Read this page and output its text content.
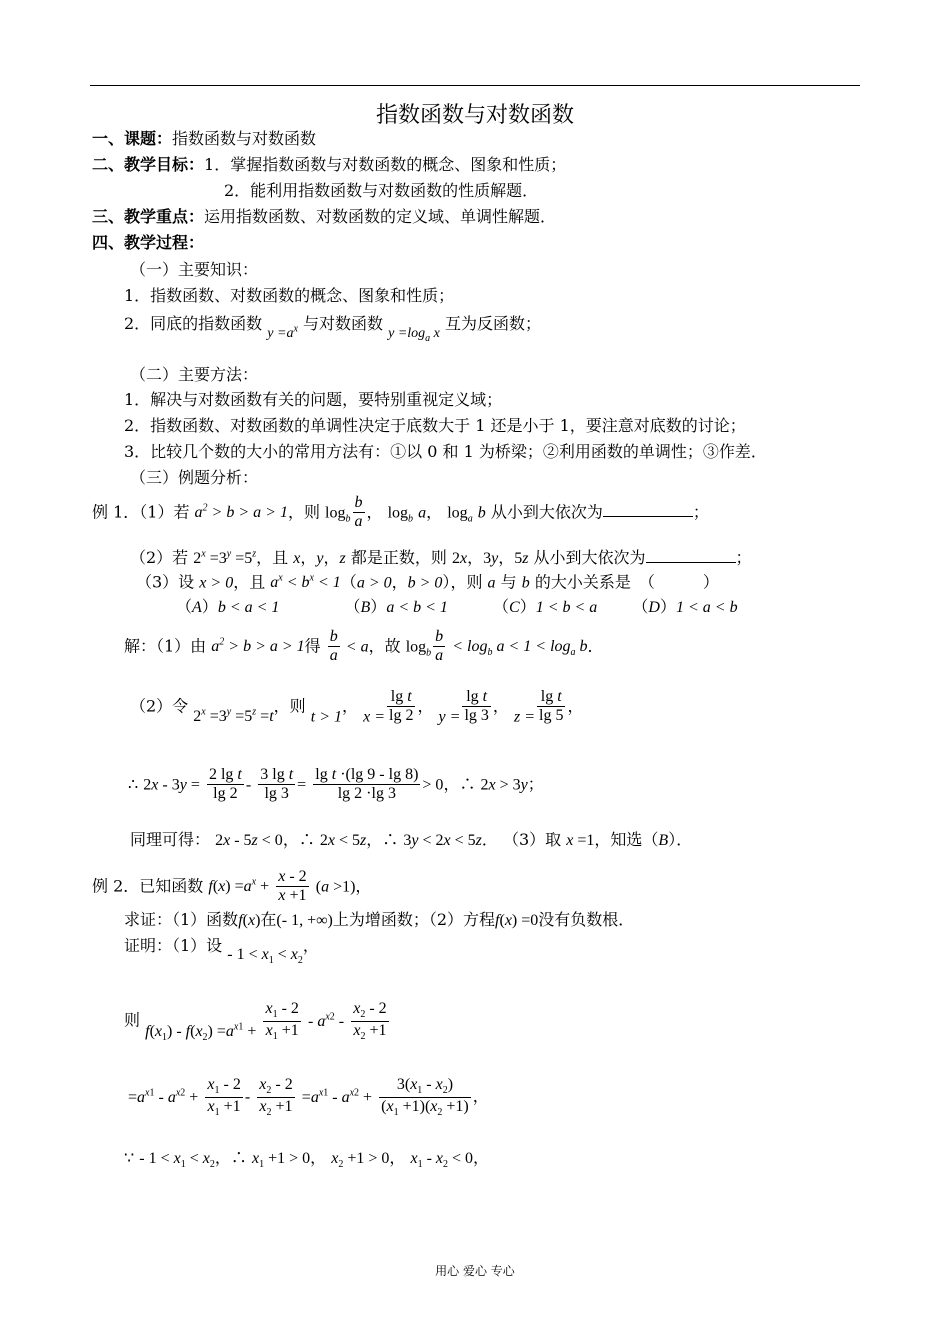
指数函数与对数函数
一、课题：指数函数与对数函数
二、教学目标：1．掌握指数函数与对数函数的概念、图象和性质；
2．能利用指数函数与对数函数的性质解题．
三、教学重点：运用指数函数、对数函数的定义域、单调性解题．
四、教学过程：
（一）主要知识：
1．指数函数、对数函数的概念、图象和性质；
2．同底的指数函数 $y =a^x$ 与对数函数 $y =\log_a$ x 互为反函数；
（二）主要方法：
1．解决与对数函数有关的问题，要特别重视定义域；
2．指数函数、对数函数的单调性决定于底数大于 1 还是小于 1，要注意对底数的讨论；
3．比较几个数的大小的常用方法有：①以 0 和 1 为桥梁；②利用函数的单调性；③作差．
（三）例题分析：
例 1．（1）若 $a^2 > b > a > 1$，则 $\log_b \frac{b}{a}$ ， $\log_b a$， $\log_a b$ 从小到大依次为	；
（2）若 $2^x =3^y =5^z$，且 x，y，z 都是正数，则 2x，3y，5z 从小到大依次为	；
（3）设 x > 0，且 $a^x < b^x < 1(a > 0$，b > 0），则 a 与 b 的大小关系是　（　　　）
（A）b < a < 1	（B）a < b < 1	（C）1 < b < a （D）1 < a < b
解：（1）由 $a^2 > b > a > 1$得 $\frac{b}{a} < a$，故 $\log_b \frac{b}{a} < \log_b a < 1 < \log_a b$．
（2）令 $2^x =3^y =5^z =t$，则 t > 1， $x = \frac{\text{lg t}}{\lg 2}$ ， $y = \frac{\text{lg t}}{\lg 3}$ ， $z = \frac{\text{lg t}}{\lg 5}$ ，
∴ $2x - 3y = \frac{\text{2 lg t}}{\lg 2} - \frac{\text{3 lg t}}{\lg 3} = \frac{\text{lg t ·(lg 9 - lg 8)}}{\lg 2 \cdot\lg 3} > 0$，∴ 2x > 3y；
同理可得： 2x - 5z < 0，∴ 2x < 5z，∴ 3y < 2x < 5z． （3）取 x =1，知选（B）．
例 2．已知函数 $f(x) =a^x + \frac{x - 2}{x +1} (a >1)$，
求证：（1）函数f(x)在(- 1, +∞)上为增函数；（2）方程f(x) =0没有负数根．
证明：（1）设 - $1 < x_1 < x_2$，
则 $f(x_1) - f(x_2) =a^{x1} + \frac{x_1 - 2}{x_1 +1} - a^{x2} - \frac{x_2 - 2}{x_2 +1}$
$=a^{x1} - a^{x2} + \frac{x_1 - 2}{x_1 +1} - \frac{x_2 - 2}{x_2 +1} =a^{x1} - a^{x2} + \frac{3(x_1 - x_2)}{(x_1 +1)(x_2 +1)}$ ，
∵ - $1 < x_1 < x_2$，∴ $x_1 +1 > 0$， $x_2 +1 > 0$， $x_1 - x_2 < 0$，
用心 爱心 专心
